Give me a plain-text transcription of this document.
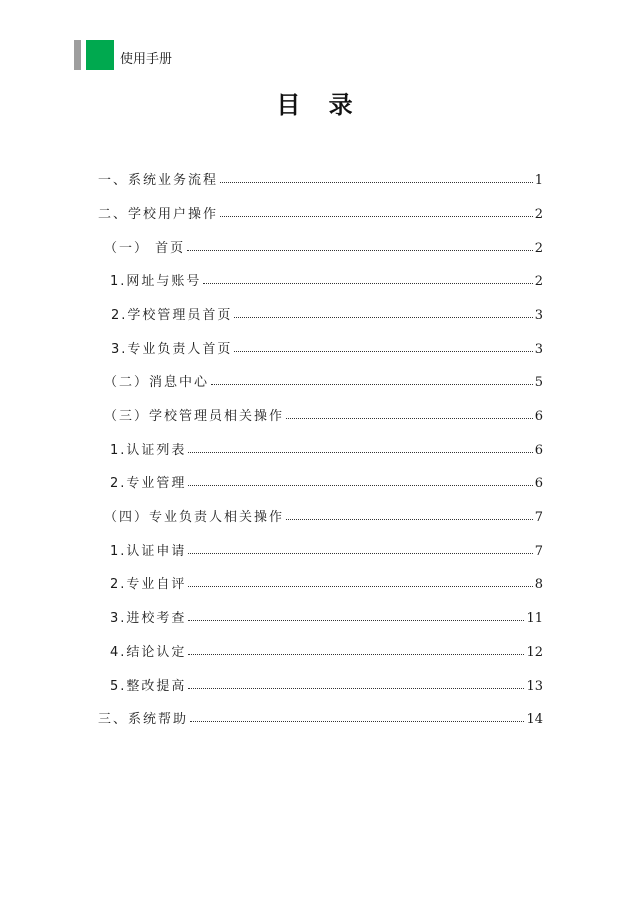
使用手册
目 录
一、系统业务流程	1
二、学校用户操作	2
（一） 首页	2
1.网址与账号	2
2.学校管理员首页	3
3.专业负责人首页	3
（二）消息中心	5
（三）学校管理员相关操作	6
1.认证列表	6
2.专业管理	6
（四）专业负责人相关操作	7
1.认证申请	7
2.专业自评	8
3.进校考查	11
4.结论认定	12
5.整改提高	13
三、系统帮助	14
